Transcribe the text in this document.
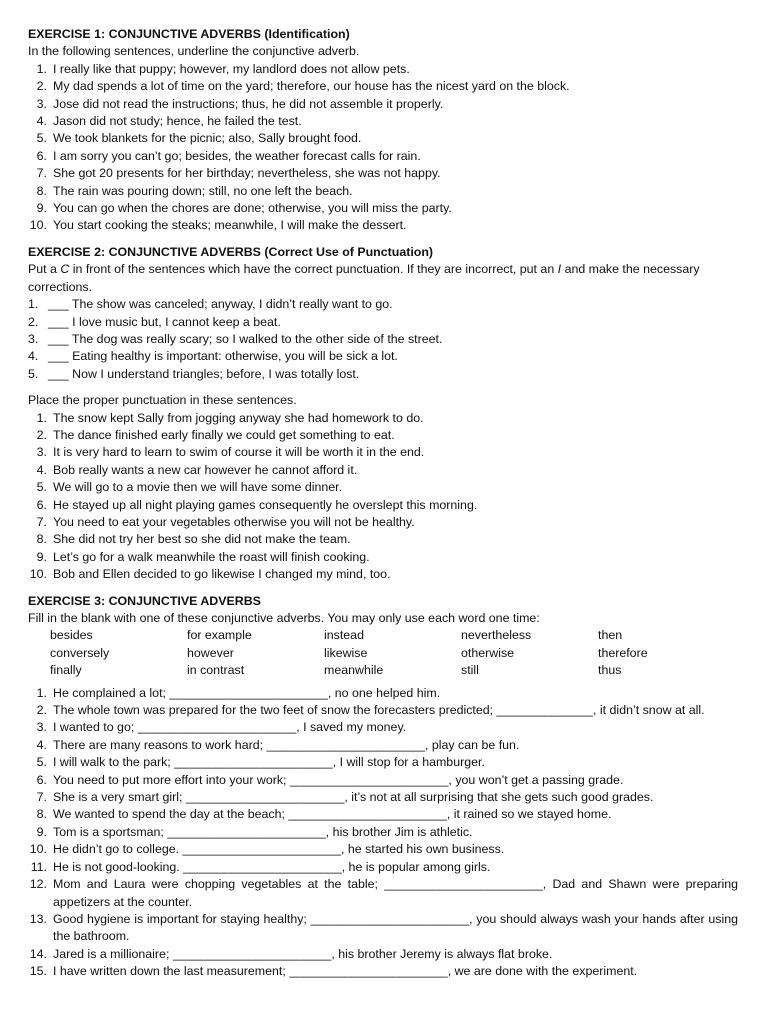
EXERCISE 1: CONJUNCTIVE ADVERBS (Identification)
In the following sentences, underline the conjunctive adverb.
1. I really like that puppy; however, my landlord does not allow pets.
2. My dad spends a lot of time on the yard; therefore, our house has the nicest yard on the block.
3. Jose did not read the instructions; thus, he did not assemble it properly.
4. Jason did not study; hence, he failed the test.
5. We took blankets for the picnic; also, Sally brought food.
6. I am sorry you can’t go; besides, the weather forecast calls for rain.
7. She got 20 presents for her birthday; nevertheless, she was not happy.
8. The rain was pouring down; still, no one left the beach.
9. You can go when the chores are done; otherwise, you will miss the party.
10. You start cooking the steaks; meanwhile, I will make the dessert.
EXERCISE 2: CONJUNCTIVE ADVERBS (Correct Use of Punctuation)
Put a C in front of the sentences which have the correct punctuation. If they are incorrect, put an I and make the necessary corrections.
1. ___ The show was canceled; anyway, I didn’t really want to go.
2. ___ I love music but, I cannot keep a beat.
3. ___ The dog was really scary; so I walked to the other side of the street.
4. ___ Eating healthy is important: otherwise, you will be sick a lot.
5. ___ Now I understand triangles; before, I was totally lost.
Place the proper punctuation in these sentences.
1. The snow kept Sally from jogging anyway she had homework to do.
2. The dance finished early finally we could get something to eat.
3. It is very hard to learn to swim of course it will be worth it in the end.
4. Bob really wants a new car however he cannot afford it.
5. We will go to a movie then we will have some dinner.
6. He stayed up all night playing games consequently he overslept this morning.
7. You need to eat your vegetables otherwise you will not be healthy.
8. She did not try her best so she did not make the team.
9. Let’s go for a walk meanwhile the roast will finish cooking.
10. Bob and Ellen decided to go likewise I changed my mind, too.
EXERCISE 3: CONJUNCTIVE ADVERBS
Fill in the blank with one of these conjunctive adverbs. You may only use each word one time:
besides	for example	instead	nevertheless	then
conversely	however	likewise	otherwise	therefore
finally	in contrast	meanwhile	still	thus
1. He complained a lot; _______________________, no one helped him.
2. The whole town was prepared for the two feet of snow the forecasters predicted; ______________, it didn’t snow at all.
3. I wanted to go; _______________________, I saved my money.
4. There are many reasons to work hard; _______________________, play can be fun.
5. I will walk to the park; _______________________, I will stop for a hamburger.
6. You need to put more effort into your work; _______________________, you won’t get a passing grade.
7. She is a very smart girl; _______________________, it’s not at all surprising that she gets such good grades.
8. We wanted to spend the day at the beach; _______________________, it rained so we stayed home.
9. Tom is a sportsman; _______________________, his brother Jim is athletic.
10. He didn’t go to college. _______________________, he started his own business.
11. He is not good-looking. _______________________, he is popular among girls.
12. Mom and Laura were chopping vegetables at the table; _______________________, Dad and Shawn were preparing appetizers at the counter.
13. Good hygiene is important for staying healthy; _______________________, you should always wash your hands after using the bathroom.
14. Jared is a millionaire; _______________________, his brother Jeremy is always flat broke.
15. I have written down the last measurement; _______________________, we are done with the experiment.
